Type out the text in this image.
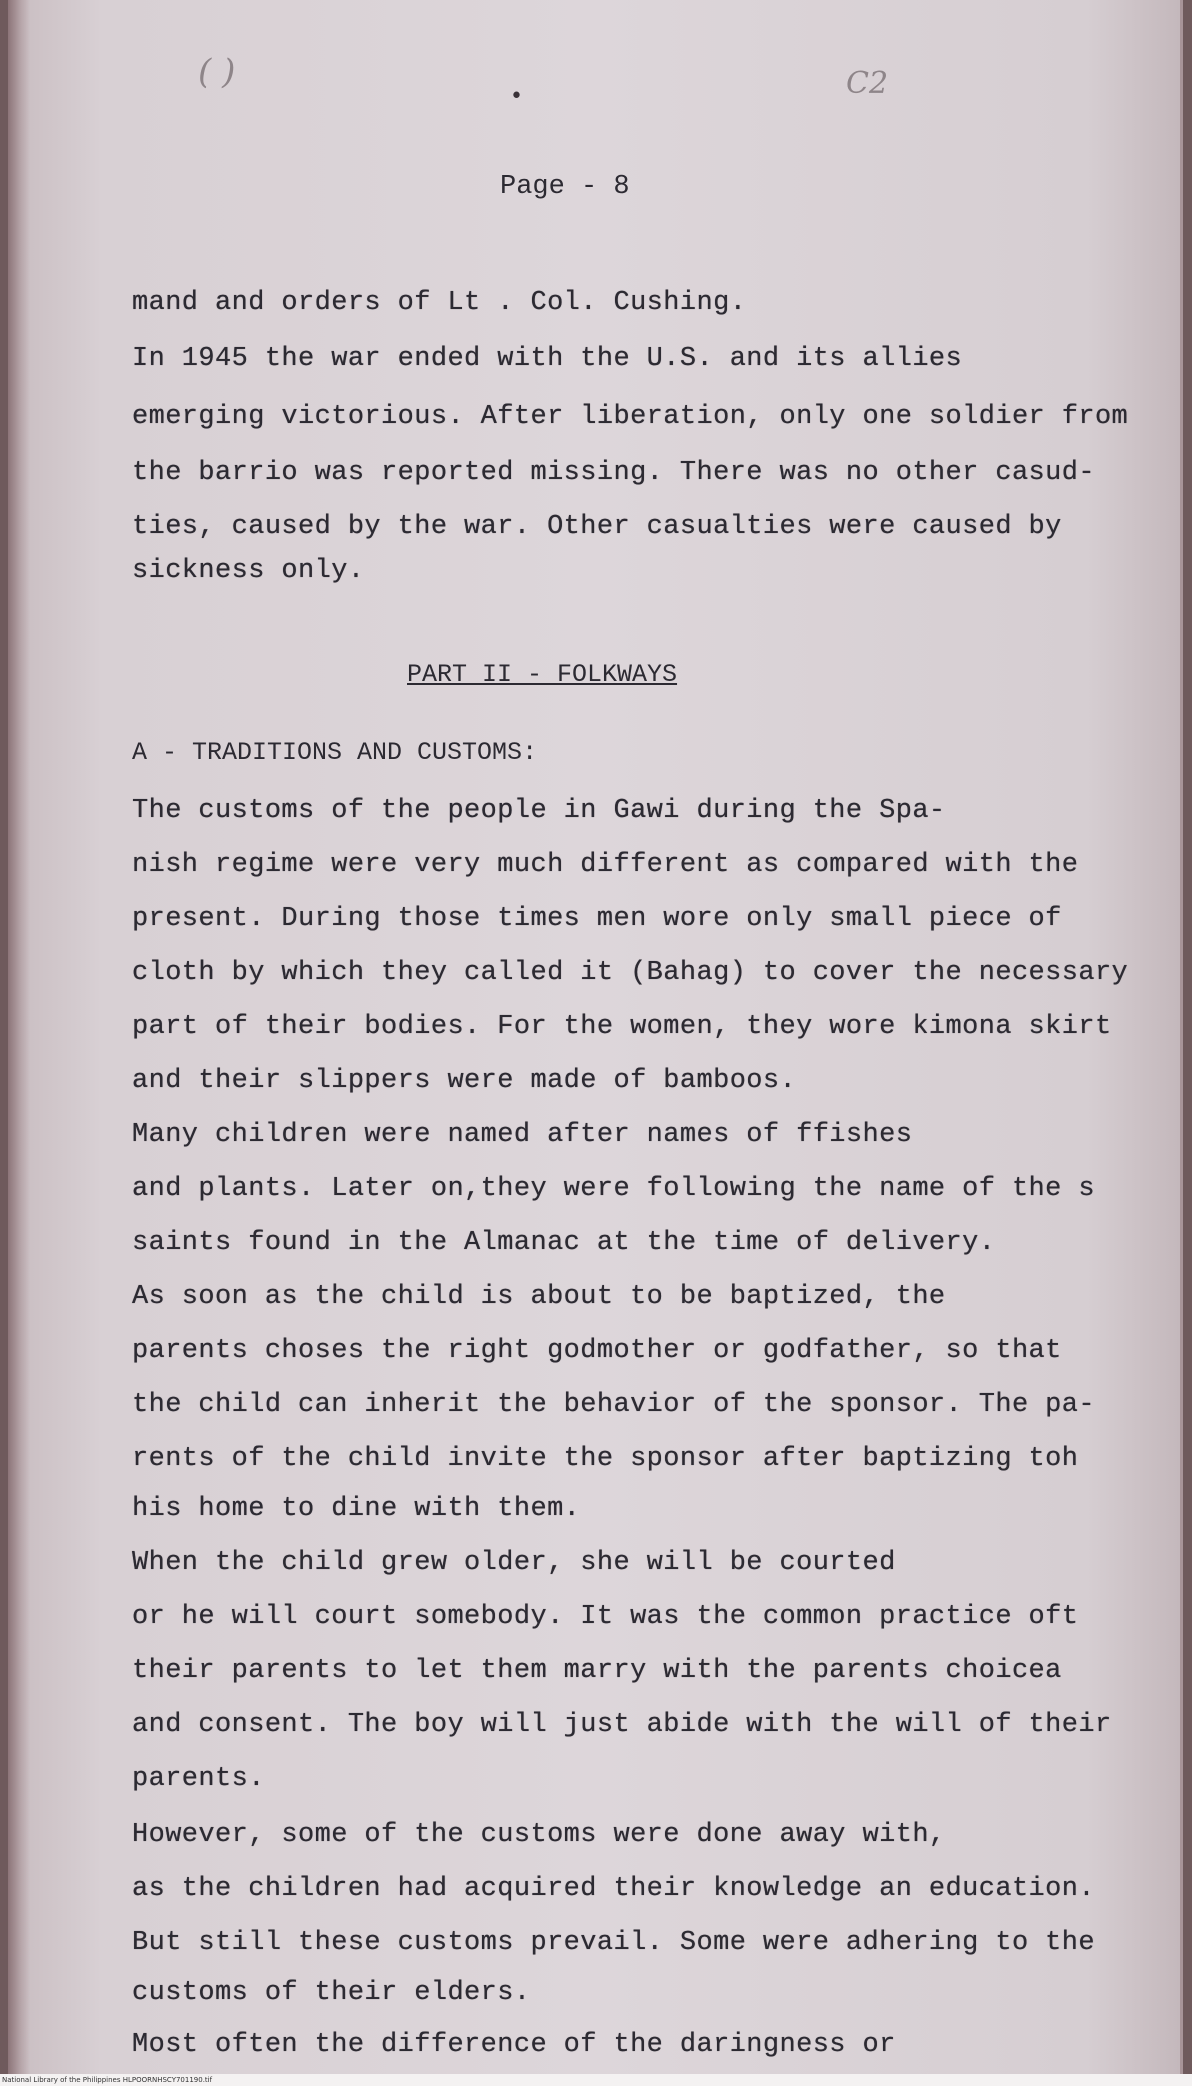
( )	C2
•
Page - 8
PART II - FOLKWAYS
A - TRADITIONS AND CUSTOMS:
mand and orders of Lt . Col. Cushing.
In 1945 the war ended with the U.S. and its allies
emerging victorious. After liberation, only one soldier from
the barrio was reported missing. There was no other casud-
ties, caused by the war. Other casualties were caused by
sickness only.
The customs of the people in Gawi during the Spa-
nish regime were very much different as compared with the
present. During those times men wore only small piece of
cloth by which they called it (Bahag) to cover the necessary
part of their bodies. For the women, they wore kimona skirt
and their slippers were made of bamboos.
Many children were named after names of ffishes
and plants. Later on,they were following the name of the s
saints found in the Almanac at the time of delivery.
As soon as the child is about to be baptized, the
parents choses the right godmother or godfather, so that
the child can inherit the behavior of the sponsor. The pa-
rents of the child invite the sponsor after baptizing toh
his home to dine with them.
When the child grew older, she will be courted
or he will court somebody. It was the common practice oft
their parents to let them marry with the parents choicea
and consent. The boy will just abide with the will of their
parents.
However, some of the customs were done away with,
as the children had acquired their knowledge an education.
But still these customs prevail. Some were adhering to the
customs of their elders.
Most often the difference of the daringness or
National Library of the Philippines HLPOORNHSCY701190.tif
